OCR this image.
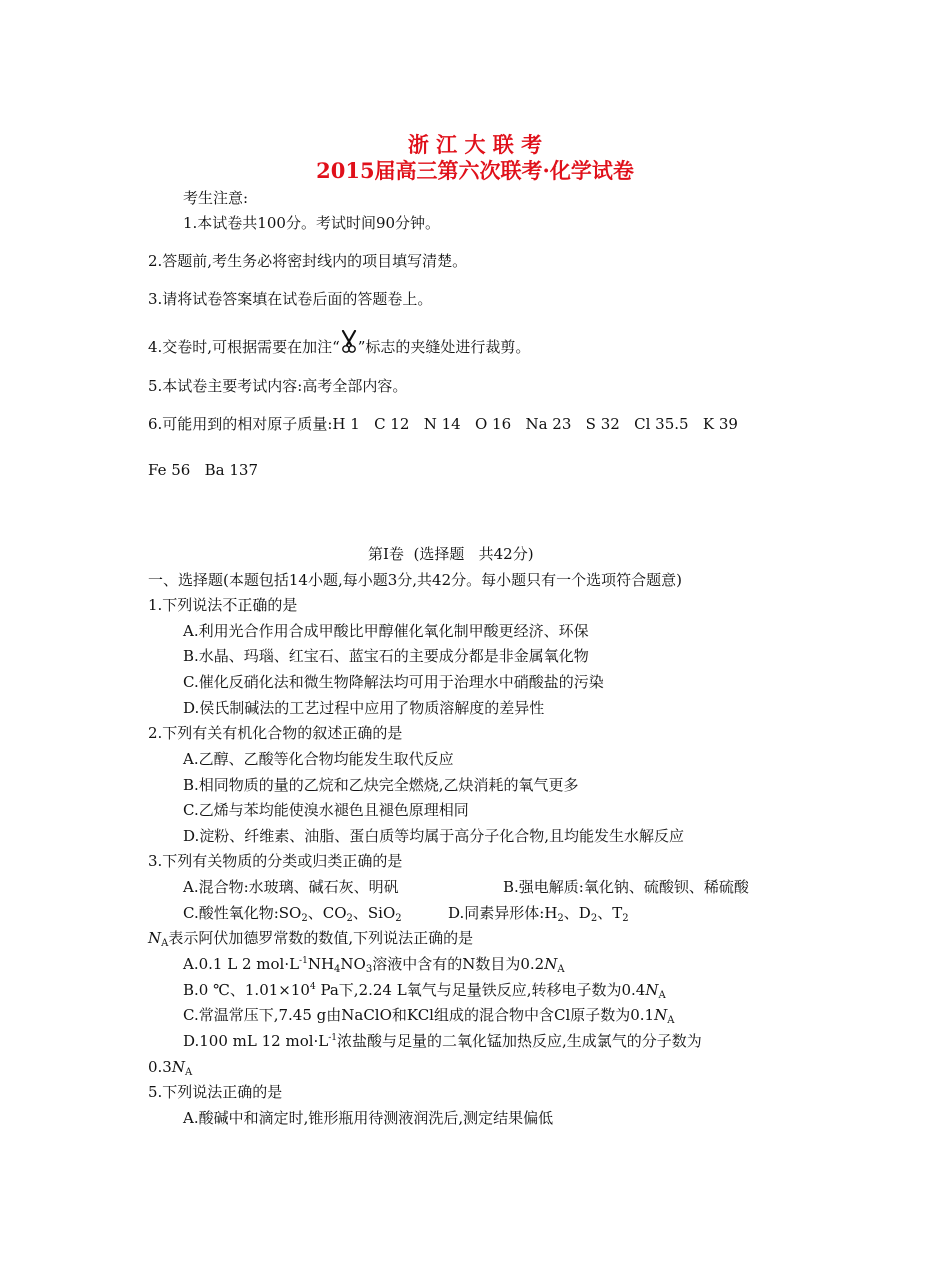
浙 江 大 联 考
2015届高三第六次联考·化学试卷
考生注意:
1.本试卷共100分。考试时间90分钟。
2.答题前,考生务必将密封线内的项目填写清楚。
3.请将试卷答案填在试卷后面的答题卷上。
4.交卷时,可根据需要在加注“ ”标志的夹缝处进行裁剪。
5.本试卷主要考试内容:高考全部内容。
6.可能用到的相对原子质量:H 1   C 12   N 14   O 16   Na 23   S 32   Cl 35.5   K 39
Fe 56   Ba 137
第Ⅰ卷  (选择题   共42分)
一、选择题(本题包括14小题,每小题3分,共42分。每小题只有一个选项符合题意)
1.下列说法不正确的是
A.利用光合作用合成甲酸比甲醇催化氧化制甲酸更经济、环保
B.水晶、玛瑙、红宝石、蓝宝石的主要成分都是非金属氧化物
C.催化反硝化法和微生物降解法均可用于治理水中硝酸盐的污染
D.侯氏制碱法的工艺过程中应用了物质溶解度的差异性
2.下列有关有机化合物的叙述正确的是
A.乙醇、乙酸等化合物均能发生取代反应
B.相同物质的量的乙烷和乙炔完全燃烧,乙炔消耗的氧气更多
C.乙烯与苯均能使溴水褪色且褪色原理相同
D.淀粉、纤维素、油脂、蛋白质等均属于高分子化合物,且均能发生水解反应
3.下列有关物质的分类或归类正确的是
A.混合物:水玻璃、碱石灰、明矾	B.强电解质:氧化钠、硫酸钡、稀硫酸
C.酸性氧化物$:SO_2$、$CO_2$、SiO$_2$	D.同素异形体$:H_2$、$D_2$、$T_2$
$N_A$表示阿伏加德罗常数的数值,下列说法正确的是
A.0.1 L 2 $mol\cdot L^{-1}NH_4NO_3$溶液中含有的N数目为$0.2N_A$
B.0 ℃、$1.01\times 10^4$ Pa下,2.24 L氧气与足量铁反应,转移电子数为$0.4N_A$
C.常温常压下,7.45 g由NaClO和KCl组成的混合物中含Cl原子数为$0.1N_A$
D.100 mL 12 $mol\cdot L^{-1}$浓盐酸与足量的二氧化锰加热反应,生成氯气的分子数为
$0.3N_A$
5.下列说法正确的是
A.酸碱中和滴定时,锥形瓶用待测液润洗后,测定结果偏低
